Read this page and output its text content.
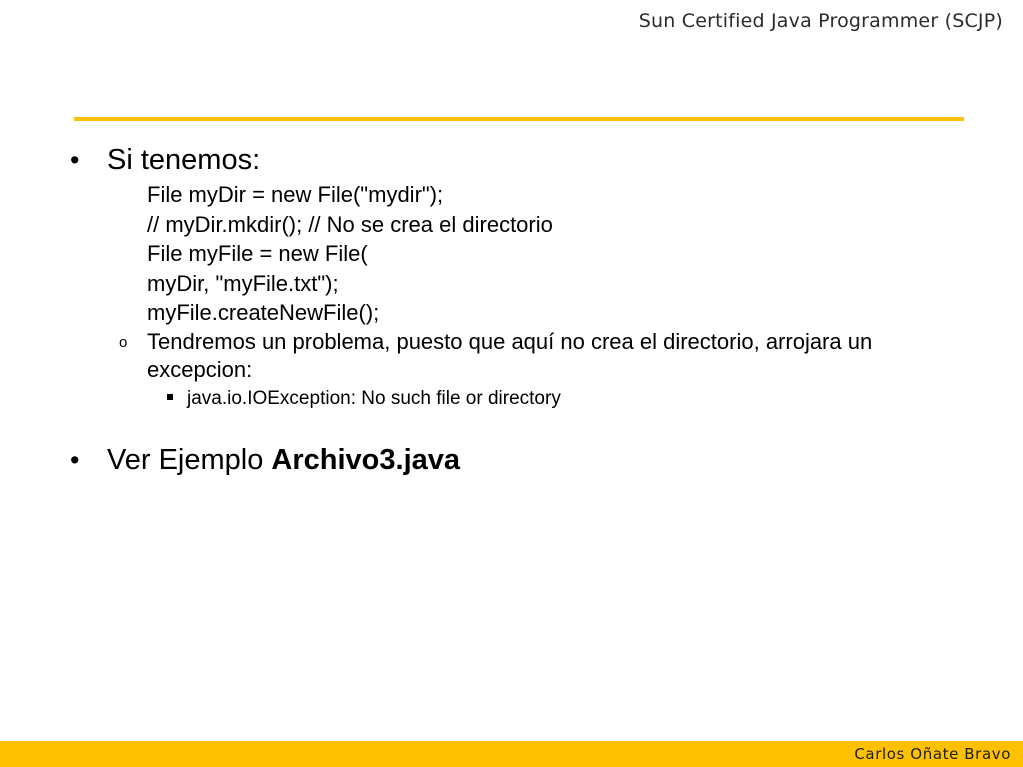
Sun Certified Java Programmer (SCJP)
• Si tenemos:
File myDir = new File("mydir");
// myDir.mkdir(); // No se crea el directorio
File myFile = new File(
myDir, "myFile.txt");
myFile.createNewFile();
o Tendremos un problema, puesto que aquí no crea el directorio, arrojara un excepcion:
java.io.IOException: No such file or directory
• Ver Ejemplo Archivo3.java
Carlos Oñate Bravo
